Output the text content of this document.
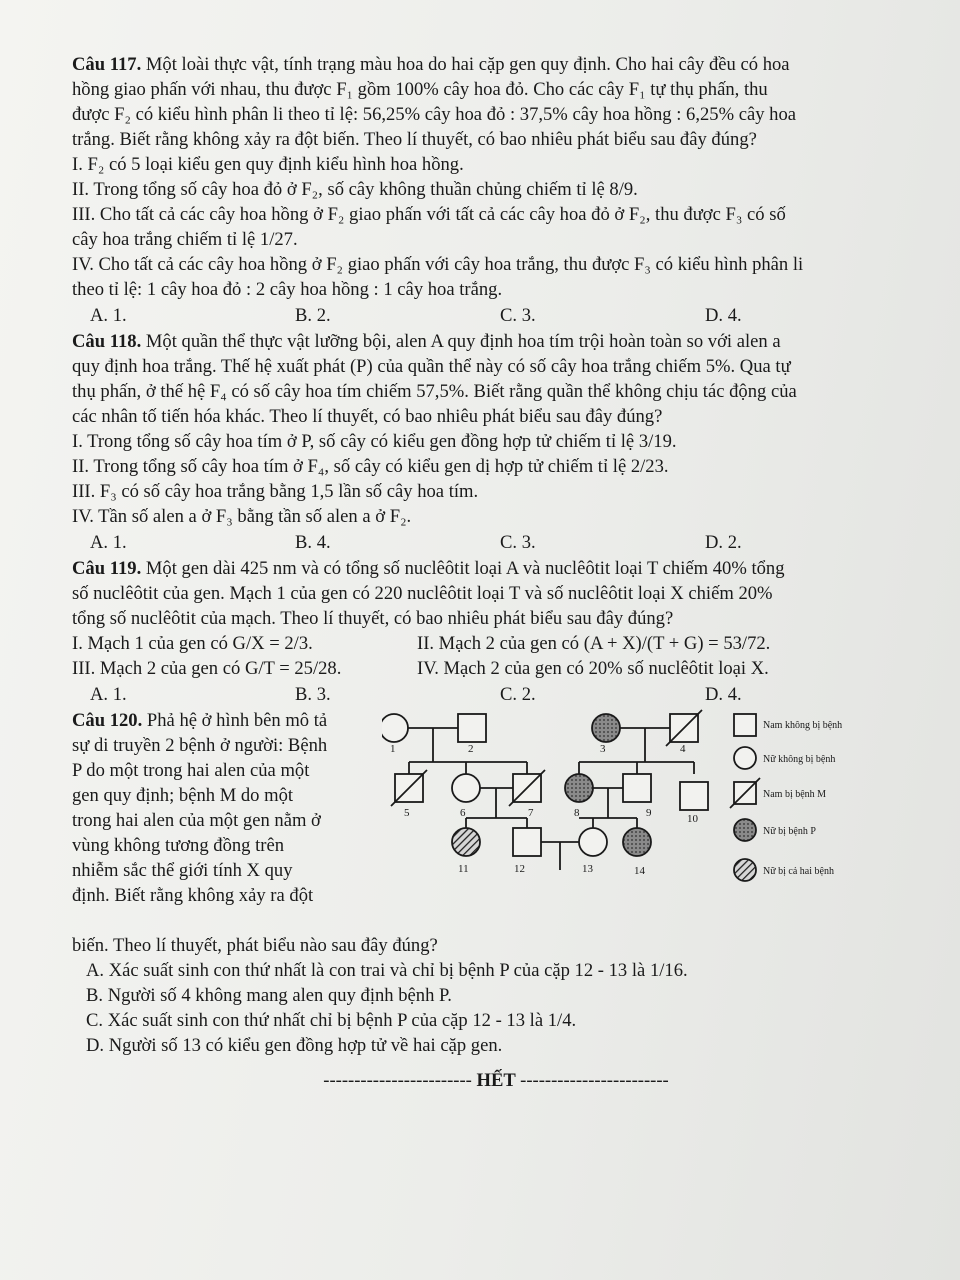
Câu 117. Một loài thực vật, tính trạng màu hoa do hai cặp gen quy định. Cho hai cây đều có hoa
hồng giao phấn với nhau, thu được F₁ gồm 100% cây hoa đỏ. Cho các cây F₁ tự thụ phấn, thu
được F₂ có kiểu hình phân li theo tỉ lệ: 56,25% cây hoa đỏ : 37,5% cây hoa hồng : 6,25% cây hoa
trắng. Biết rằng không xảy ra đột biến. Theo lí thuyết, có bao nhiêu phát biểu sau đây đúng?
I. F₂ có 5 loại kiểu gen quy định kiểu hình hoa hồng.
II. Trong tổng số cây hoa đỏ ở F₂, số cây không thuần chủng chiếm tỉ lệ 8/9.
III. Cho tất cả các cây hoa hồng ở F₂ giao phấn với tất cả các cây hoa đỏ ở F₂, thu được F₃ có số
cây hoa trắng chiếm tỉ lệ 1/27.
IV. Cho tất cả các cây hoa hồng ở F₂ giao phấn với cây hoa trắng, thu được F₃ có kiểu hình phân li
theo tỉ lệ: 1 cây hoa đỏ : 2 cây hoa hồng : 1 cây hoa trắng.
A. 1.	B. 2.	C. 3.	D. 4.
Câu 118. Một quần thể thực vật lưỡng bội, alen A quy định hoa tím trội hoàn toàn so với alen a
quy định hoa trắng. Thế hệ xuất phát (P) của quần thể này có số cây hoa trắng chiếm 5%. Qua tự
thụ phấn, ở thế hệ F₄ có số cây hoa tím chiếm 57,5%. Biết rằng quần thể không chịu tác động của
các nhân tố tiến hóa khác. Theo lí thuyết, có bao nhiêu phát biểu sau đây đúng?
I. Trong tổng số cây hoa tím ở P, số cây có kiểu gen đồng hợp tử chiếm tỉ lệ 3/19.
II. Trong tổng số cây hoa tím ở F₄, số cây có kiểu gen dị hợp tử chiếm tỉ lệ 2/23.
III. F₃ có số cây hoa trắng bằng 1,5 lần số cây hoa tím.
IV. Tần số alen a ở F₃ bằng tần số alen a ở F₂.
A. 1.	B. 4.	C. 3.	D. 2.
Câu 119. Một gen dài 425 nm và có tổng số nuclêôtit loại A và nuclêôtit loại T chiếm 40% tổng
số nuclêôtit của gen. Mạch 1 của gen có 220 nuclêôtit loại T và số nuclêôtit loại X chiếm 20%
tổng số nuclêôtit của mạch. Theo lí thuyết, có bao nhiêu phát biểu sau đây đúng?
I. Mạch 1 của gen có G/X = 2/3.	II. Mạch 2 của gen có (A + X)/(T + G) = 53/72.
III. Mạch 2 của gen có G/T = 25/28.	IV. Mạch 2 của gen có 20% số nuclêôtit loại X.
A. 1.	B. 3.	C. 2.	D. 4.
Câu 120. Phả hệ ở hình bên mô tả
sự di truyền 2 bệnh ở người: Bệnh
P do một trong hai alen của một
gen quy định; bệnh M do một
trong hai alen của một gen nằm ở
vùng không tương đồng trên
nhiễm sắc thể giới tính X quy
định. Biết rằng không xảy ra đột
1	2	3	4
5	6	7	8	9	10
11	12	13	14
Nam không bị bệnh
Nữ không bị bệnh
Nam bị bệnh M
Nữ bị bệnh P
Nữ bị cả hai bệnh
biến. Theo lí thuyết, phát biểu nào sau đây đúng?
A. Xác suất sinh con thứ nhất là con trai và chỉ bị bệnh P của cặp 12 - 13 là 1/16.
B. Người số 4 không mang alen quy định bệnh P.
C. Xác suất sinh con thứ nhất chỉ bị bệnh P của cặp 12 - 13 là 1/4.
D. Người số 13 có kiểu gen đồng hợp tử về hai cặp gen.
------------------------ HẾT ------------------------
